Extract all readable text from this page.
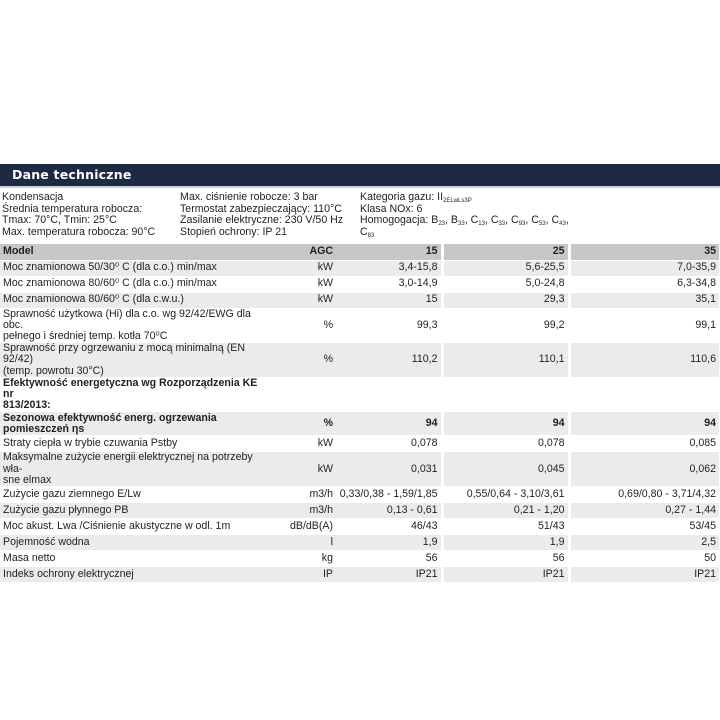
Dane techniczne
Kondensacja
Średnia temperatura robocza:
Tmax: 70°C, Tmin: 25°C
Max. temperatura robocza: 90°C
Max. ciśnienie robocze: 3 bar
Termostat zabezpieczający: 110°C
Zasilanie elektryczne: 230 V/50 Hz
Stopień ochrony: IP 21
Kategoria gazu: $II_{2ELwLs3P}$
Klasa NOx: 6
Homogogacja: $B_{23}$, $B_{33}$, $C_{13}$, $C_{33}$, $C_{93}$, $C_{53}$, $C_{43}$,
$C_{83}$
Model	AGC	15	25	35

Moc znamionowa 50/30⁰ C (dla c.o.) min/max	kW	3,4-15,8	5,6-25,5	7,0-35,9

Moc znamionowa 80/60⁰ C (dla c.o.) min/max	kW	3,0-14,9	5,0-24,8	6,3-34,8

Moc znamionowa 80/60⁰ C (dla c.w.u.)	kW	15	29,3	35,1

Sprawność użytkowa (Hi) dla c.o. wg 92/42/EWG dla obc.
pełnego i średniej temp. kotła 70⁰C	%	99,3	99,2	99,1

Sprawność przy ogrzewaniu z mocą minimalną (EN 92/42)
(temp. powrotu 30°C)	%	110,2	110,1	110,6

Efektywność energetyczna wg Rozporządzenia KE nr
813/2013:				

Sezonowa efektywność energ. ogrzewania
pomieszczeń ηs	%	94	94	94

Straty ciepła w trybie czuwania Pstby	kW	0,078	0,078	0,085

Maksymalne zużycie energii elektrycznej na potrzeby wła-
sne elmax	kW	0,031	0,045	0,062

Zużycie gazu ziemnego E/Lw	m3/h	0,33/0,38 - 1,59/1,85	0,55/0,64 - 3,10/3,61	0,69/0,80 - 3,71/4,32

Zużycie gazu płynnego PB	m3/h	0,13 - 0,61	0,21 - 1,20	0,27 - 1,44

Moc akust. Lwa /Ciśnienie akustyczne w odl. 1m	dB/dB(A)	46/43	51/43	53/45

Pojemność wodna	l	1,9	1,9	2,5

Masa netto	kg	56	56	50

Indeks ochrony elektrycznej	IP	IP21	IP21	IP21
